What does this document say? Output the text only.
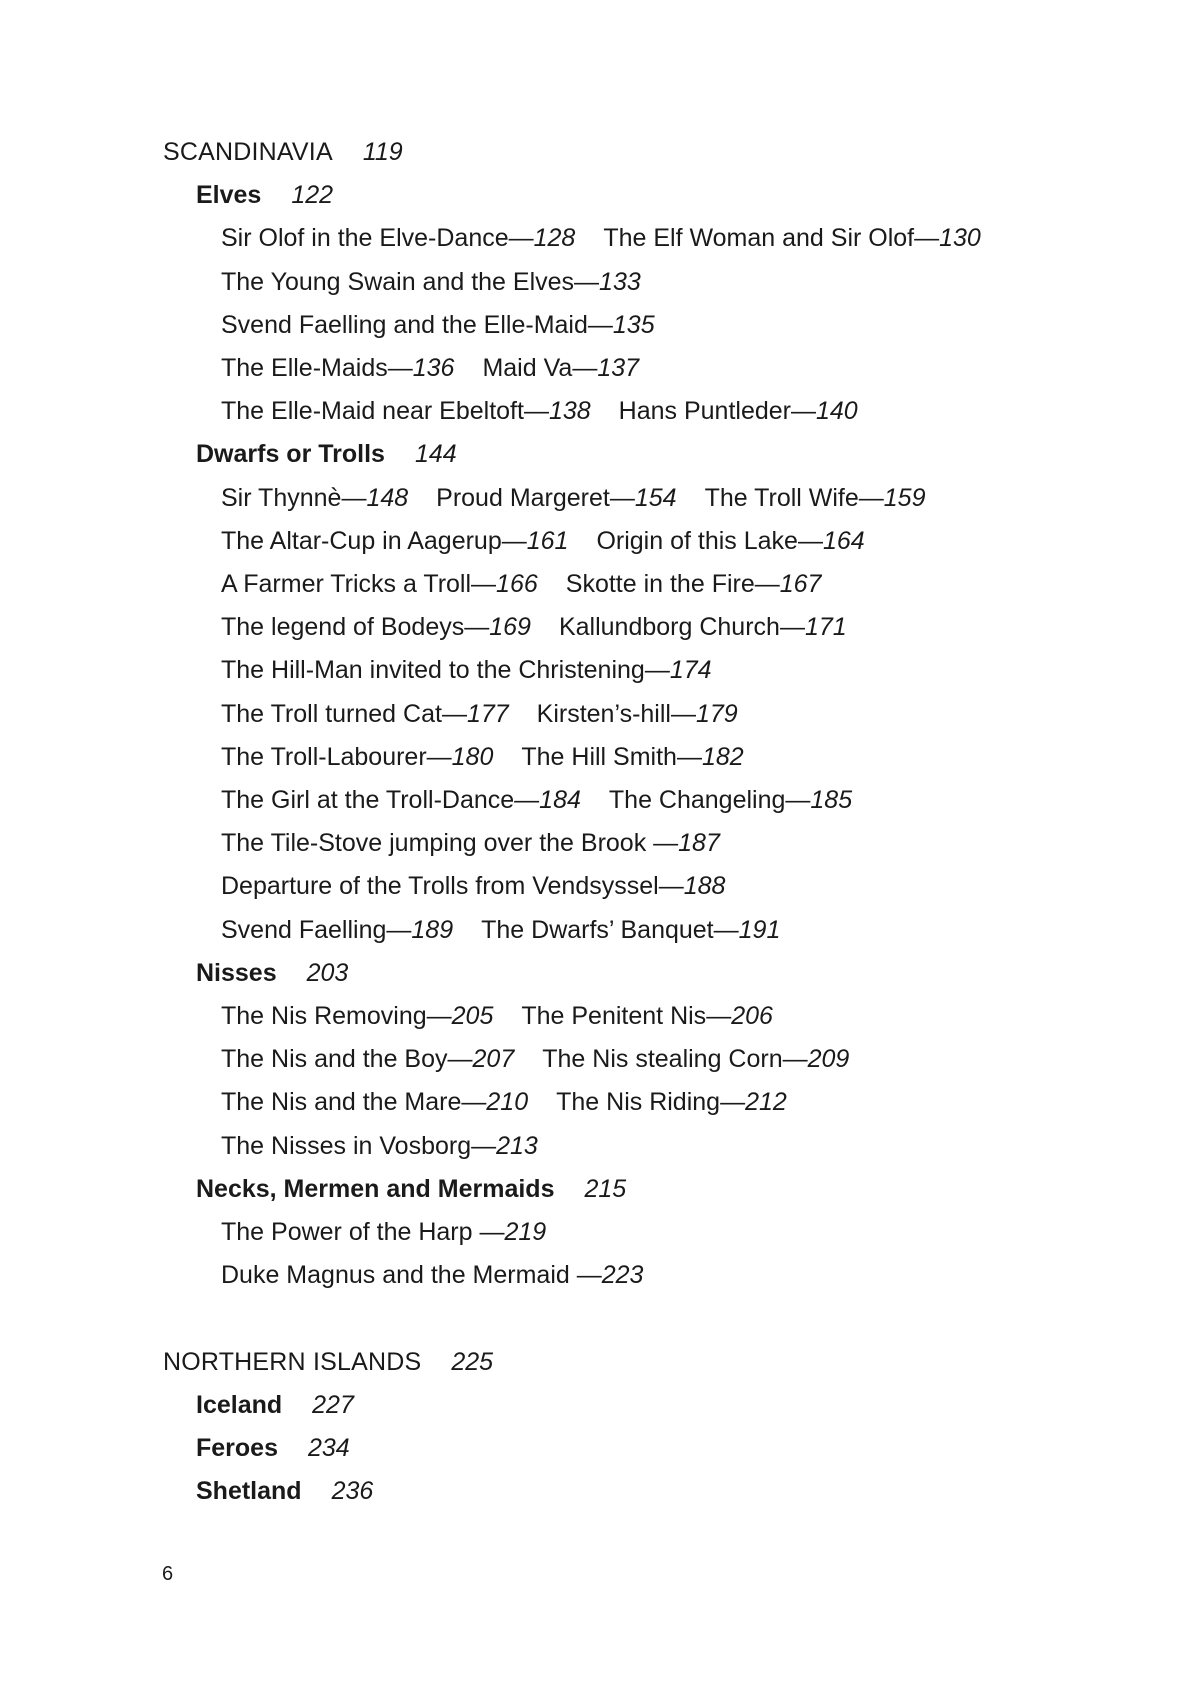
SCANDINAVIA 119
Elves 122
Sir Olof in the Elve-Dance—128 The Elf Woman and Sir Olof—130
The Young Swain and the Elves—133
Svend Faelling and the Elle-Maid—135
The Elle-Maids—136 Maid Va—137
The Elle-Maid near Ebeltoft—138 Hans Puntleder—140
Dwarfs or Trolls 144
Sir Thynnè—148 Proud Margeret—154 The Troll Wife—159
The Altar-Cup in Aagerup—161 Origin of this Lake—164
A Farmer Tricks a Troll—166 Skotte in the Fire—167
The legend of Bodeys—169 Kallundborg Church—171
The Hill-Man invited to the Christening—174
The Troll turned Cat—177 Kirsten’s-hill—179
The Troll-Labourer—180 The Hill Smith—182
The Girl at the Troll-Dance—184 The Changeling—185
The Tile-Stove jumping over the Brook —187
Departure of the Trolls from Vendsyssel—188
Svend Faelling—189 The Dwarfs’ Banquet—191
Nisses 203
The Nis Removing—205 The Penitent Nis—206
The Nis and the Boy—207 The Nis stealing Corn—209
The Nis and the Mare—210 The Nis Riding—212
The Nisses in Vosborg—213
Necks, Mermen and Mermaids 215
The Power of the Harp —219
Duke Magnus and the Mermaid —223
NORTHERN ISLANDS 225
Iceland 227
Feroes 234
Shetland 236
6
